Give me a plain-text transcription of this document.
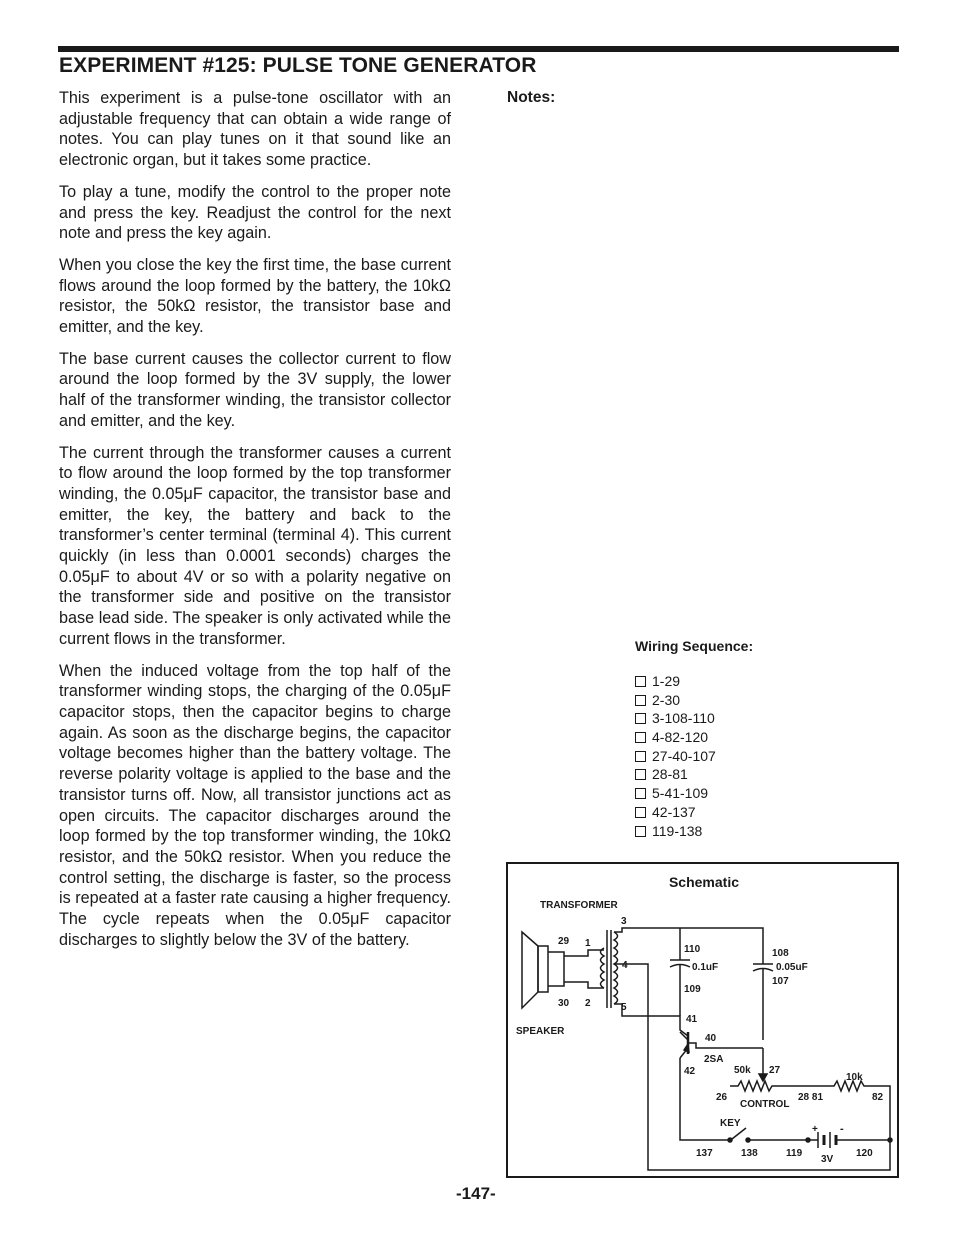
EXPERIMENT #125: PULSE TONE GENERATOR

This experiment is a pulse-tone oscillator with an adjustable frequency that can obtain a wide range of notes. You can play tunes on it that sound like an electronic organ, but it takes some practice.

To play a tune, modify the control to the proper note and press the key. Readjust the control for the next note and press the key again.

When you close the key the first time, the base current flows around the loop formed by the battery, the 10kΩ resistor, the 50kΩ resistor, the transistor base and emitter, and the key.

The base current causes the collector current to flow around the loop formed by the 3V supply, the lower half of the transformer winding, the transistor collector and emitter, and the key.

The current through the transformer causes a current to flow around the loop formed by the top transformer winding, the 0.05μF capacitor, the transistor base and emitter, the key, the battery and back to the transformer’s center terminal (terminal 4). This current quickly (in less than 0.0001 seconds) charges the 0.05μF to about 4V or so with a polarity negative on the transformer side and positive on the transistor base lead side. The speaker is only activated while the current flows in the transformer.

When the induced voltage from the top half of the transformer winding stops, the charging of the 0.05μF capacitor stops, then the capacitor begins to charge again. As soon as the discharge begins, the capacitor voltage becomes higher than the battery voltage. The reverse polarity voltage is applied to the base and the transistor turns off. Now, all transistor junctions act as open circuits. The capacitor discharges around the loop formed by the top transformer winding, the 10kΩ resistor, and the 50kΩ resistor. When you reduce the control setting, the discharge is faster, so the process is repeated at a faster rate causing a higher frequency. The cycle repeats when the 0.05μF capacitor discharges to slightly below the 3V of the battery.

Notes:
Wiring Sequence:
1-29
2-30
3-108-110
4-82-120
27-40-107
28-81
5-41-109
42-137
119-138
Schematic
TRANSFORMER
SPEAKER
29 1
30 2
3
4
5
110
0.1uF
109
108
0.05uF
107
41
40
2SA
42	50k 27
26
CONTROL
28 81
10k
82
KEY
137	138
+ -
119
3V
120
-147-
